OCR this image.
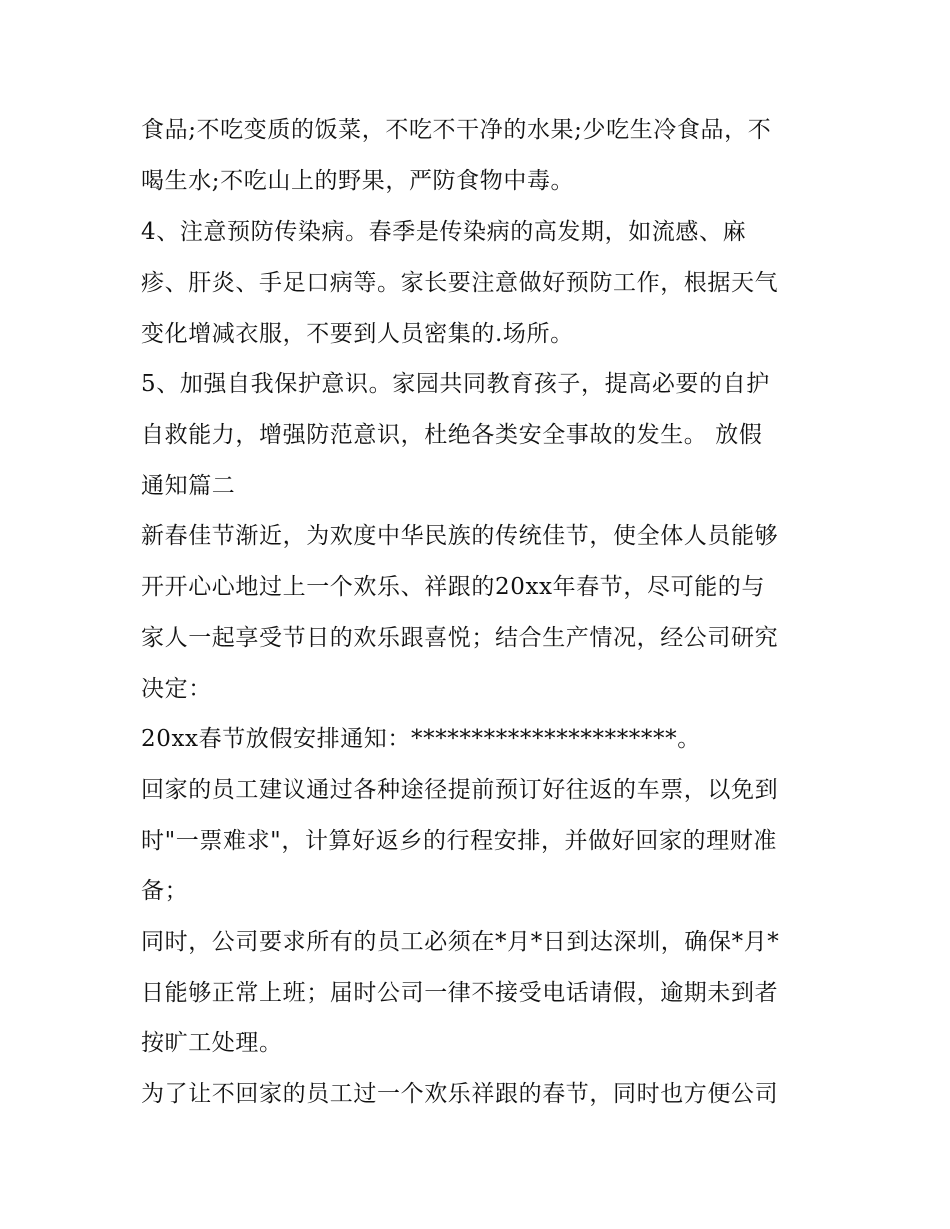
食品;不吃变质的饭菜，不吃不干净的水果;少吃生冷食品，不
喝生水;不吃山上的野果，严防食物中毒。
4、注意预防传染病。春季是传染病的高发期，如流感、麻
疹、肝炎、手足口病等。家长要注意做好预防工作，根据天气
变化增减衣服，不要到人员密集的.场所。
5、加强自我保护意识。家园共同教育孩子，提高必要的自护
自救能力，增强防范意识，杜绝各类安全事故的发生。 放假
通知篇二
新春佳节渐近，为欢度中华民族的传统佳节，使全体人员能够
开开心心地过上一个欢乐、祥跟的20xx年春节，尽可能的与
家人一起享受节日的欢乐跟喜悦；结合生产情况，经公司研究
决定：
20xx春节放假安排通知：**********************。
回家的员工建议通过各种途径提前预订好往返的车票，以免到
时"一票难求"，计算好返乡的行程安排，并做好回家的理财准
备；
同时，公司要求所有的员工必须在*月*日到达深圳，确保*月*
日能够正常上班；届时公司一律不接受电话请假，逾期未到者
按旷工处理。
为了让不回家的员工过一个欢乐祥跟的春节，同时也方便公司
